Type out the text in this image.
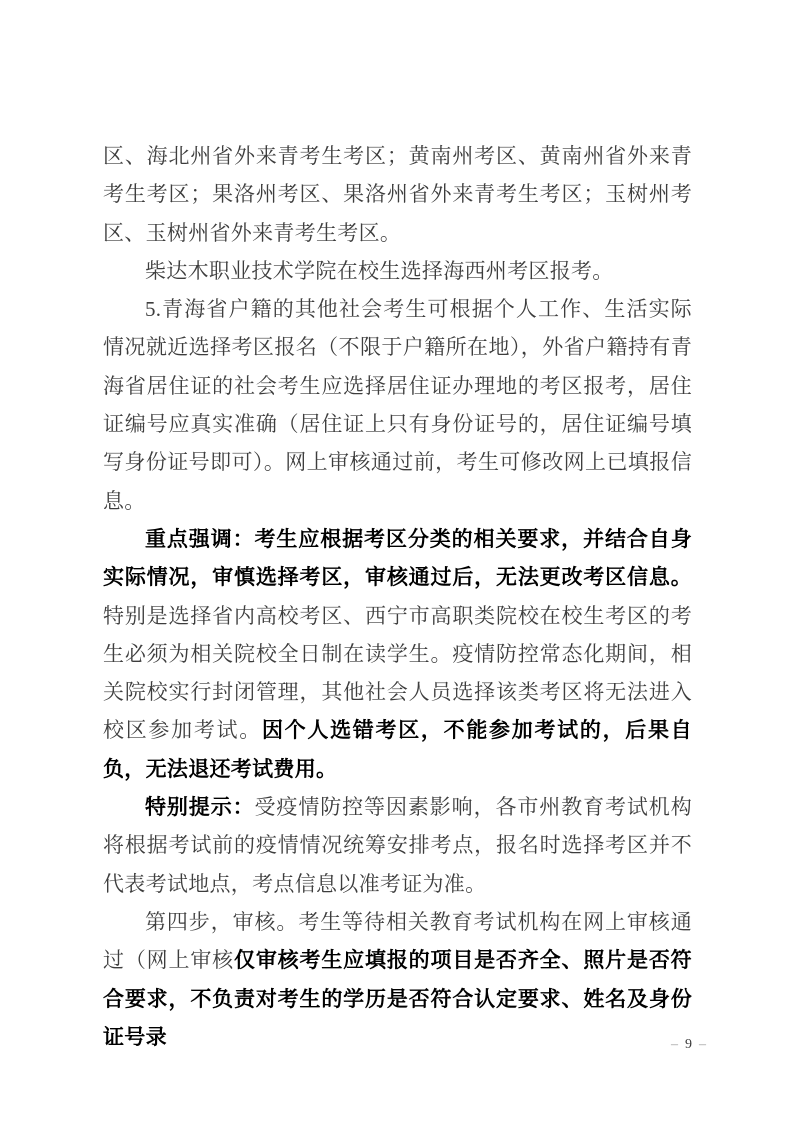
区、海北州省外来青考生考区；黄南州考区、黄南州省外来青考生考区；果洛州考区、果洛州省外来青考生考区；玉树州考区、玉树州省外来青考生考区。

柴达木职业技术学院在校生选择海西州考区报考。

5.青海省户籍的其他社会考生可根据个人工作、生活实际情况就近选择考区报名（不限于户籍所在地），外省户籍持有青海省居住证的社会考生应选择居住证办理地的考区报考，居住证编号应真实准确（居住证上只有身份证号的，居住证编号填写身份证号即可）。网上审核通过前，考生可修改网上已填报信息。

重点强调：考生应根据考区分类的相关要求，并结合自身实际情况，审慎选择考区，审核通过后，无法更改考区信息。特别是选择省内高校考区、西宁市高职类院校在校生考区的考生必须为相关院校全日制在读学生。疫情防控常态化期间，相关院校实行封闭管理，其他社会人员选择该类考区将无法进入校区参加考试。因个人选错考区，不能参加考试的，后果自负，无法退还考试费用。

特别提示：受疫情防控等因素影响，各市州教育考试机构将根据考试前的疫情情况统筹安排考点，报名时选择考区并不代表考试地点，考点信息以准考证为准。

第四步，审核。考生等待相关教育考试机构在网上审核通过（网上审核仅审核考生应填报的项目是否齐全、照片是否符合要求，不负责对考生的学历是否符合认定要求、姓名及身份证号录	– 9 –
